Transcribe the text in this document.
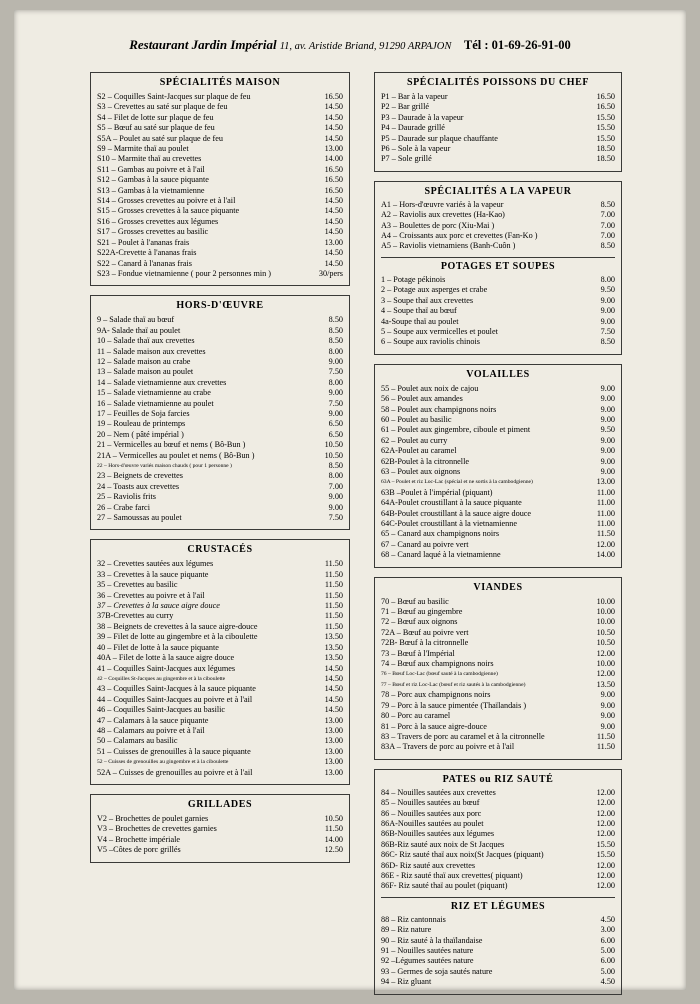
Restaurant Jardin Impérial 11, av. Aristide Briand, 91290 ARPAJON Tél : 01-69-26-91-00
SPÉCIALITÉS MAISON
S2 – Coquilles Saint-Jacques sur plaque de feu	16.50
S3 – Crevettes au saté sur plaque de feu	14.50
S4 – Filet de lotte sur plaque de feu	14.50
S5 – Bœuf au saté sur plaque de feu	14.50
S5A – Poulet au saté sur plaque de feu	14.50
S9 – Marmite thaï au poulet	13.00
S10 – Marmite thaï au crevettes	14.00
S11 – Gambas au poivre et à l'ail	16.50
S12 – Gambas à la sauce piquante	16.50
S13 – Gambas à la vietnamienne	16.50
S14 – Grosses crevettes au poivre et à l'ail	14.50
S15 – Grosses crevettes à la sauce piquante	14.50
S16 – Grosses crevettes aux légumes	14.50
S17 – Grosses crevettes au basilic	14.50
S21 – Poulet à l'ananas frais	13.00
S22A-Crevette à l'ananas frais	14.50
S22 – Canard à l'ananas frais	14.50
S23 – Fondue vietnamienne ( pour 2 personnes min )	30/pers
HORS-D'ŒUVRE
9 – Salade thaï au bœuf	8.50
9A- Salade thaï au poulet	8.50
10 – Salade thaï aux crevettes	8.50
11 – Salade maison aux crevettes	8.00
12 – Salade maison au crabe	9.00
13 – Salade maison au poulet	7.50
14 – Salade vietnamienne aux crevettes	8.00
15 – Salade vietnamienne au crabe	9.00
16 – Salade vietnamienne au poulet	7.50
17 – Feuilles de Soja farcies	9.00
19 – Rouleau de printemps	6.50
20 – Nem ( pâté impérial )	6.50
21 – Vermicelles au bœuf et nems ( Bô-Bun )	10.50
21A – Vermicelles au poulet et nems ( Bô-Bun )	10.50
22 – Hors-d'œuvre variés maison chauds ( pour 1 personne )	8.50
23 – Beignets de crevettes	8.00
24 – Toasts aux crevettes	7.00
25 – Raviolis frits	9.00
26 – Crabe farci	9.00
27 – Samoussas au poulet	7.50
CRUSTACÉS
32 – Crevettes sautées aux légumes	11.50
33 – Crevettes à la sauce piquante	11.50
35 – Crevettes au basilic	11.50
36 – Crevettes au poivre et à l'ail	11.50
37 – Crevettes à la sauce aigre douce	11.50
37B-Crevettes au curry	11.50
38 – Beignets de crevettes à la sauce aigre-douce	11.50
39 – Filet de lotte au gingembre et à la ciboulette	13.50
40 – Filet de lotte à la sauce piquante	13.50
40A – Filet de lotte à la sauce aigre douce	13.50
41 – Coquilles Saint-Jacques aux légumes	14.50
42 – Coquilles St-Jacques au gingembre et à la ciboulette	14.50
43 – Coquilles Saint-Jacques à la sauce piquante	14.50
44 – Coquilles Saint-Jacques au poivre et à l'ail	14.50
46 – Coquilles Saint-Jacques au basilic	14.50
47 – Calamars à la sauce piquante	13.00
48 – Calamars au poivre et à l'ail	13.00
50 – Calamars au basilic	13.00
51 – Cuisses de grenouilles à la sauce piquante	13.00
52 – Cuisses de grenouilles au gingembre et à la ciboulette	13.00
52A – Cuisses de grenouilles au poivre et à l'ail	13.00
GRILLADES
V2 – Brochettes de poulet garnies	10.50
V3 – Brochettes de crevettes garnies	11.50
V4 – Brochette impériale	14.00
V5 –Côtes de porc grillés	12.50
SPÉCIALITÉS POISSONS DU CHEF
P1 – Bar à la vapeur	16.50
P2 – Bar grillé	16.50
P3 – Daurade à la vapeur	15.50
P4 – Daurade grillé	15.50
P5 – Daurade sur plaque chauffante	15.50
P6 – Sole à la vapeur	18.50
P7 – Sole grillé	18.50
SPÉCIALITÉS A LA VAPEUR
A1 – Hors-d'œuvre variés à la vapeur	8.50
A2 – Raviolis aux crevettes (Ha-Kao)	7.00
A3 – Boulettes de porc (Xiu-Mai )	7.00
A4 – Croissants aux porc et crevettes (Fan-Ko )	7.00
A5 – Raviolis vietnamiens (Banh-Cuôn )	8.50
POTAGES ET SOUPES
1 – Potage pékinois	8.00
2 – Potage aux asperges et crabe	9.50
3 – Soupe thaï aux crevettes	9.00
4 – Soupe thaï au bœuf	9.00
4a-Soupe thaï au poulet	9.00
5 – Soupe aux vermicelles et poulet	7.50
6 – Soupe aux raviolis chinois	8.50
VOLAILLES
55 – Poulet aux noix de cajou	9.00
56 – Poulet aux amandes	9.00
58 – Poulet aux champignons noirs	9.00
60 – Poulet au basilic	9.00
61 – Poulet aux gingembre, ciboule et piment	9.50
62 – Poulet au curry	9.00
62A-Poulet au caramel	9.00
62B-Poulet à la citronnelle	9.00
63 – Poulet aux oignons	9.00
63A – Poulet et riz Loc-Lac (spécial et ne sortis à la cambodgienne)	13.00
63B –Poulet à l'impérial (piquant)	11.00
64A-Poulet croustillant à la sauce piquante	11.00
64B-Poulet croustillant à la sauce aigre douce	11.00
64C-Poulet croustillant à la vietnamienne	11.00
65 – Canard aux champignons noirs	11.50
67 – Canard au poivre vert	12.00
68 – Canard laqué à la vietnamienne	14.00
VIANDES
70 – Bœuf au basilic	10.00
71 – Bœuf au gingembre	10.00
72 – Bœuf aux oignons	10.00
72A – Bœuf au poivre vert	10.50
72B- Bœuf à la citronnelle	10.50
73 – Bœuf à l'Impérial	12.00
74 – Bœuf aux champignons noirs	10.00
76 – Bœuf Loc-Lac (bœuf sauté à la cambodgienne)	12.00
77 – Bœuf et riz Loc-Lac (bœuf et riz sautés à la cambodgienne)	13.50
78 – Porc aux champignons noirs	9.00
79 – Porc à la sauce pimentée (Thaïlandais )	9.00
80 – Porc au caramel	9.00
81 – Porc à la sauce aigre-douce	9.00
83 – Travers de porc au caramel et à la citronnelle	11.50
83A – Travers de porc au poivre et à l'ail	11.50
PATES ou RIZ SAUTÉ
84 – Nouilles sautées aux crevettes	12.00
85 – Nouilles sautées au bœuf	12.00
86 – Nouilles sautées aux porc	12.00
86A-Nouilles sautées au poulet	12.00
86B-Nouilles sautées aux légumes	12.00
86B-Riz sauté aux noix de St Jacques	15.50
86C- Riz sauté thaï aux noix(St Jacques (piquant)	15.50
86D- Riz sauté aux crevettes	12.00
86E - Riz sauté thaï aux crevettes( piquant)	12.00
86F- Riz sauté thaï au poulet (piquant)	12.00
RIZ ET LÉGUMES
88 – Riz cantonnais	4.50
89 – Riz nature	3.00
90 – Riz sauté à la thaïlandaise	6.00
91 – Nouilles sautées nature	5.00
92 –Légumes sautées nature	6.00
93 – Germes de soja sautés nature	5.00
94 – Riz gluant	4.50
